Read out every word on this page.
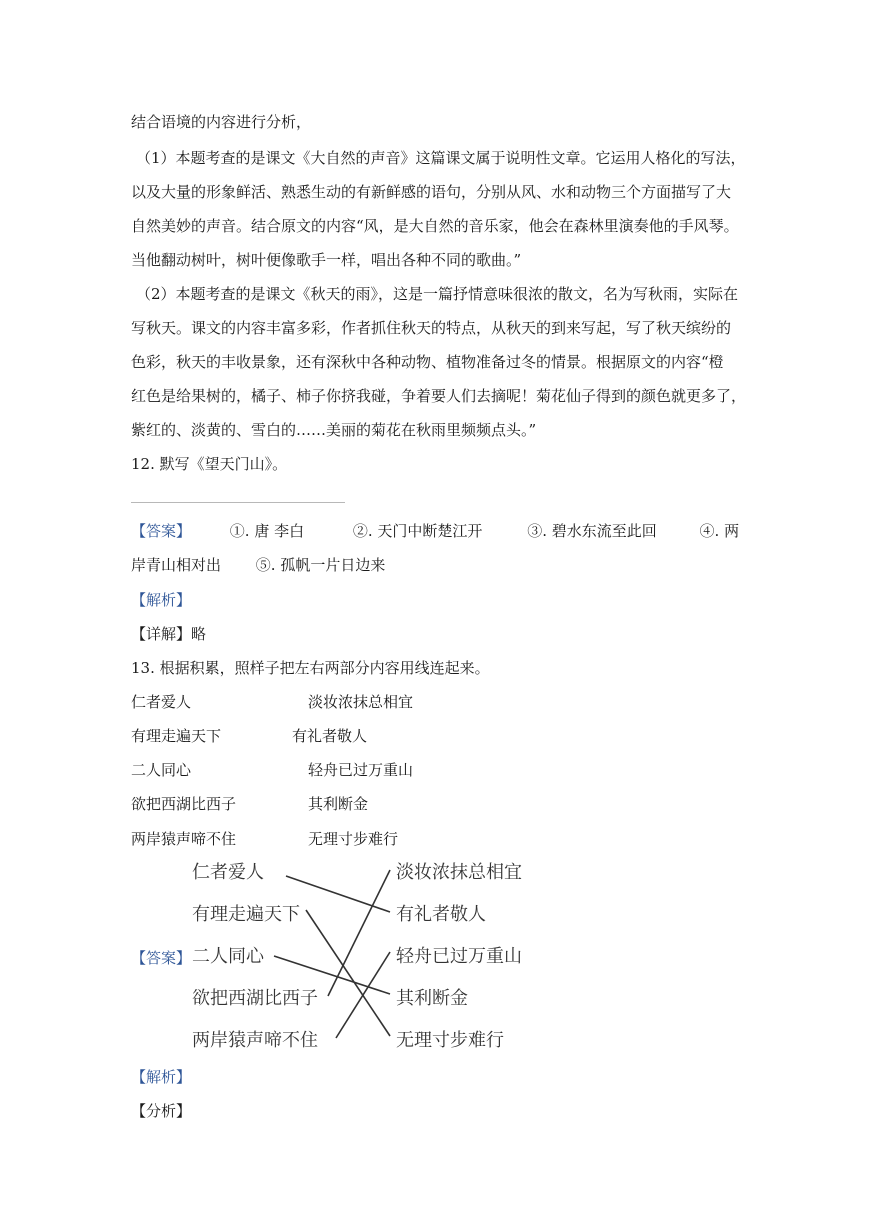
结合语境的内容进行分析，
（1）本题考查的是课文《大自然的声音》这篇课文属于说明性文章。它运用人格化的写法，
以及大量的形象鲜活、熟悉生动的有新鲜感的语句，分别从风、水和动物三个方面描写了大
自然美妙的声音。结合原文的内容“风，是大自然的音乐家，他会在森林里演奏他的手风琴。
当他翻动树叶，树叶便像歌手一样，唱出各种不同的歌曲。”
（2）本题考查的是课文《秋天的雨》，这是一篇抒情意味很浓的散文，名为写秋雨，实际在
写秋天。课文的内容丰富多彩，作者抓住秋天的特点，从秋天的到来写起，写了秋天缤纷的
色彩，秋天的丰收景象，还有深秋中各种动物、植物准备过冬的情景。根据原文的内容“橙
红色是给果树的，橘子、柿子你挤我碰，争着要人们去摘呢！菊花仙子得到的颜色就更多了，
紫红的、淡黄的、雪白的……美丽的菊花在秋雨里频频点头。”
12. 默写《望天门山》。
【答案】	①. 唐 李白	②. 天门中断楚江开	③. 碧水东流至此回	④. 两
岸青山相对出 ⑤. 孤帆一片日边来
【解析】
【详解】略
13. 根据积累，照样子把左右两部分内容用线连起来。
仁者爱人	淡妆浓抹总相宜
有理走遍天下	有礼者敬人
二人同心	轻舟已过万重山
欲把西湖比西子	其利断金
两岸猿声啼不住	无理寸步难行
【答案】
仁者爱人
有理走遍天下
二人同心
欲把西湖比西子
两岸猿声啼不住
淡妆浓抹总相宜
有礼者敬人
轻舟已过万重山
其利断金
无理寸步难行
【解析】
【分析】
